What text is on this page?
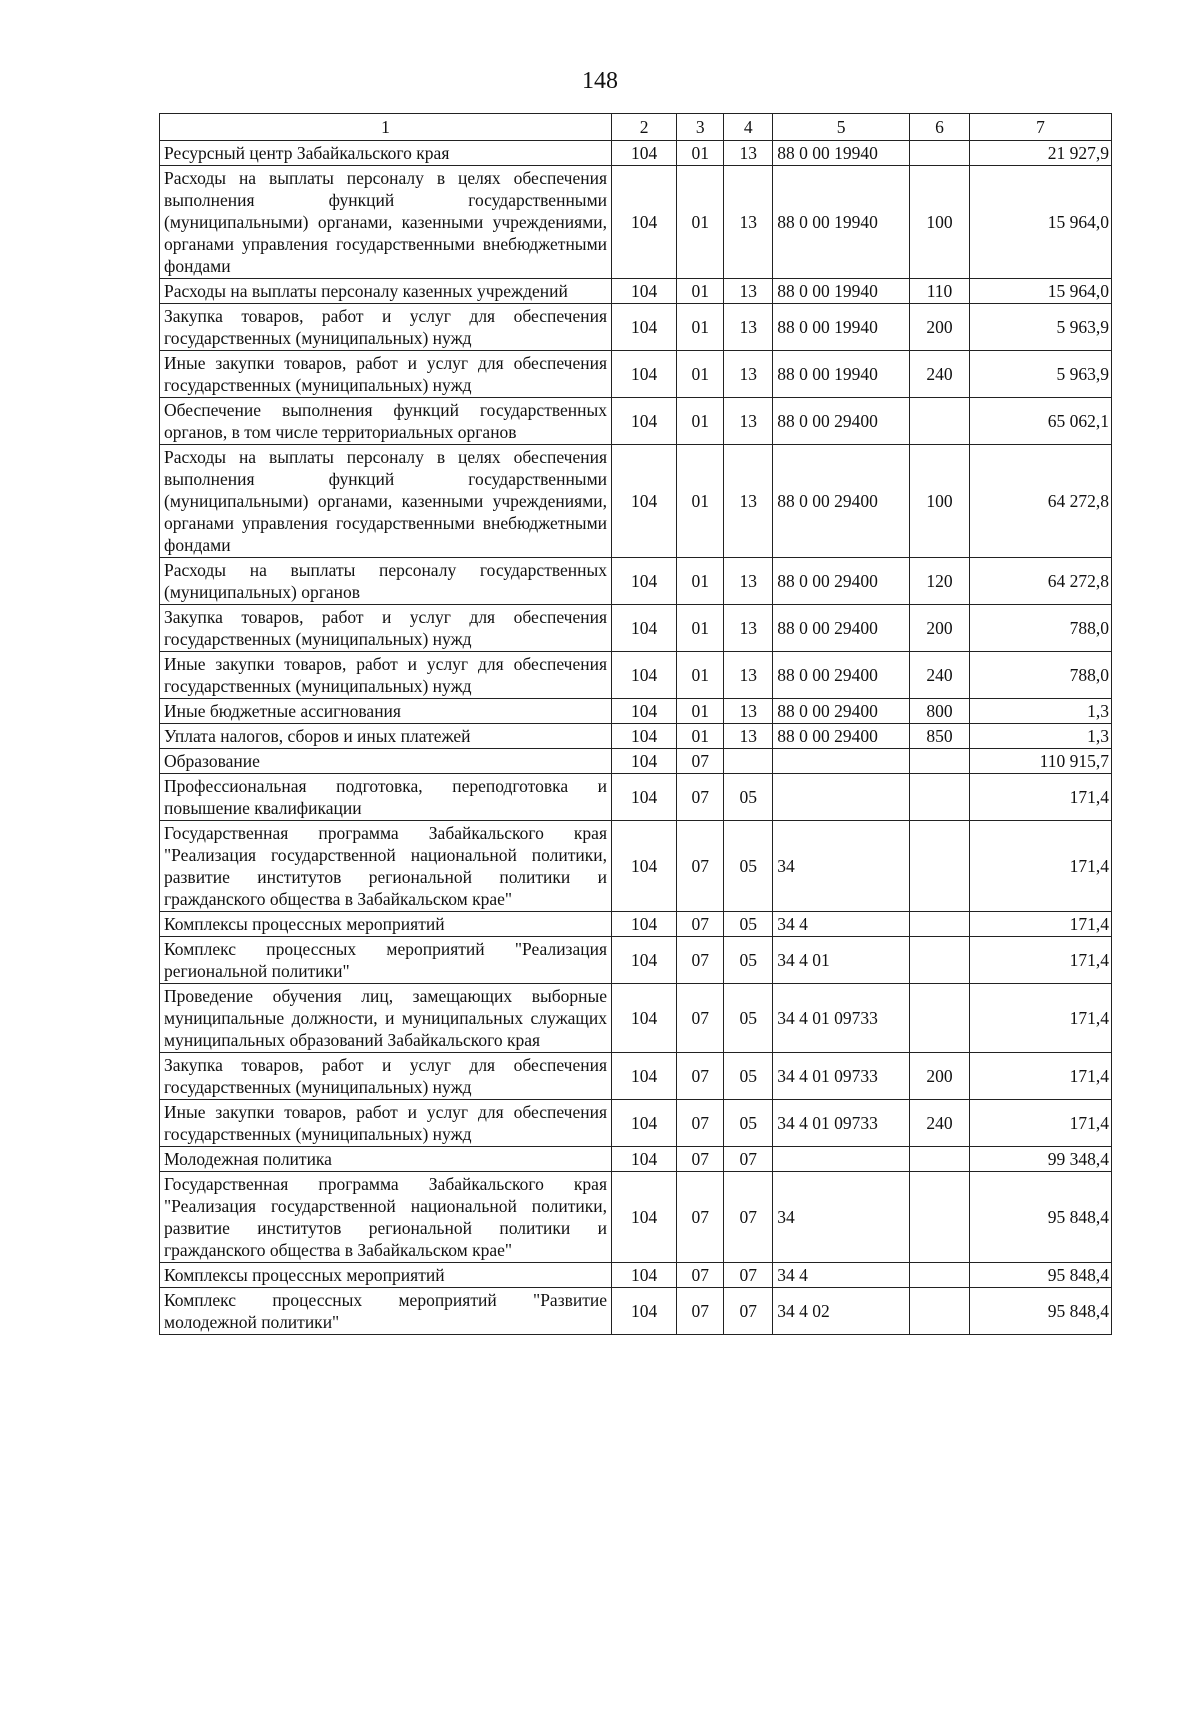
148
1	2	3	4	5	6	7
Ресурсный центр Забайкальского края	104	01	13	88 0 00 19940		21 927,9
Расходы на выплаты персоналу в целях обеспечения выполнения функций государственными (муниципальными) органами, казенными учреждениями, органами управления государственными внебюджетными фондами	104	01	13	88 0 00 19940	100	15 964,0
Расходы на выплаты персоналу казенных учреждений	104	01	13	88 0 00 19940	110	15 964,0
Закупка товаров, работ и услуг для обеспечения государственных (муниципальных) нужд	104	01	13	88 0 00 19940	200	5 963,9
Иные закупки товаров, работ и услуг для обеспечения государственных (муниципальных) нужд	104	01	13	88 0 00 19940	240	5 963,9
Обеспечение выполнения функций государственных органов, в том числе территориальных органов	104	01	13	88 0 00 29400		65 062,1
Расходы на выплаты персоналу в целях обеспечения выполнения функций государственными (муниципальными) органами, казенными учреждениями, органами управления государственными внебюджетными фондами	104	01	13	88 0 00 29400	100	64 272,8
Расходы на выплаты персоналу государственных (муниципальных) органов	104	01	13	88 0 00 29400	120	64 272,8
Закупка товаров, работ и услуг для обеспечения государственных (муниципальных) нужд	104	01	13	88 0 00 29400	200	788,0
Иные закупки товаров, работ и услуг для обеспечения государственных (муниципальных) нужд	104	01	13	88 0 00 29400	240	788,0
Иные бюджетные ассигнования	104	01	13	88 0 00 29400	800	1,3
Уплата налогов, сборов и иных платежей	104	01	13	88 0 00 29400	850	1,3
Образование	104	07				110 915,7
Профессиональная подготовка, переподготовка и повышение квалификации	104	07	05			171,4
Государственная программа Забайкальского края "Реализация государственной национальной политики, развитие институтов региональной политики и гражданского общества в Забайкальском крае"	104	07	05	34		171,4
Комплексы процессных мероприятий	104	07	05	34 4		171,4
Комплекс процессных мероприятий "Реализация региональной политики"	104	07	05	34 4 01		171,4
Проведение обучения лиц, замещающих выборные муниципальные должности, и муниципальных служащих муниципальных образований Забайкальского края	104	07	05	34 4 01 09733		171,4
Закупка товаров, работ и услуг для обеспечения государственных (муниципальных) нужд	104	07	05	34 4 01 09733	200	171,4
Иные закупки товаров, работ и услуг для обеспечения государственных (муниципальных) нужд	104	07	05	34 4 01 09733	240	171,4
Молодежная политика	104	07	07			99 348,4
Государственная программа Забайкальского края "Реализация государственной национальной политики, развитие институтов региональной политики и гражданского общества в Забайкальском крае"	104	07	07	34		95 848,4
Комплексы процессных мероприятий	104	07	07	34 4		95 848,4
Комплекс процессных мероприятий "Развитие молодежной политики"	104	07	07	34 4 02		95 848,4
